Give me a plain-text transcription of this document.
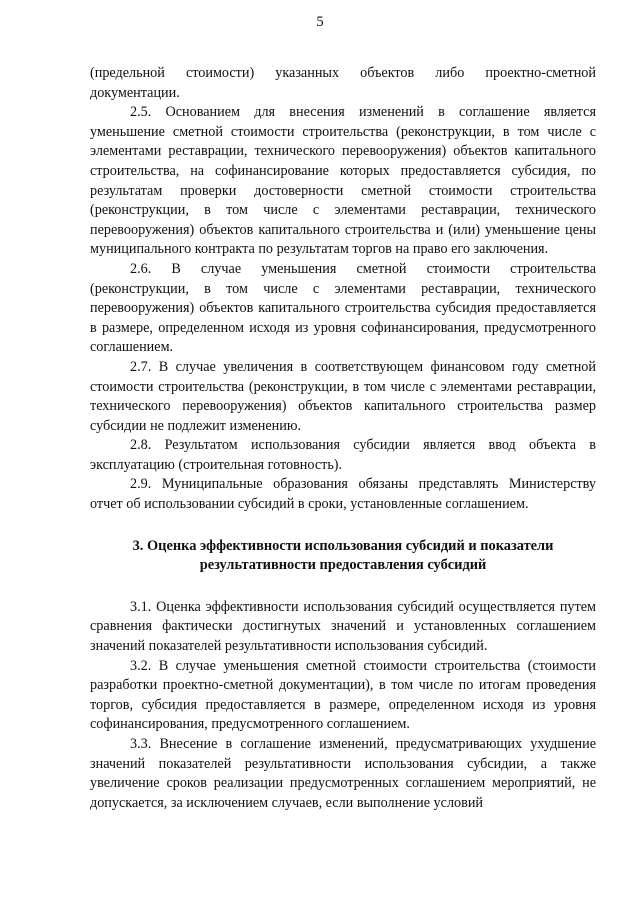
5

(предельной стоимости) указанных объектов либо проектно-сметной документации.

2.5. Основанием для внесения изменений в соглашение является уменьшение сметной стоимости строительства (реконструкции, в том числе с элементами реставрации, технического перевооружения) объектов капитального строительства, на софинансирование которых предоставляется субсидия, по результатам проверки достоверности сметной стоимости строительства (реконструкции, в том числе с элементами реставрации, технического перевооружения) объектов капитального строительства и (или) уменьшение цены муниципального контракта по результатам торгов на право его заключения.

2.6. В случае уменьшения сметной стоимости строительства (реконструкции, в том числе с элементами реставрации, технического перевооружения) объектов капитального строительства субсидия предоставляется в размере, определенном исходя из уровня софинансирования, предусмотренного соглашением.

2.7. В случае увеличения в соответствующем финансовом году сметной стоимости строительства (реконструкции, в том числе с элементами реставрации, технического перевооружения) объектов капитального строительства размер субсидии не подлежит изменению.

2.8. Результатом использования субсидии является ввод объекта в эксплуатацию (строительная готовность).

2.9. Муниципальные образования обязаны представлять Министерству отчет об использовании субсидий в сроки, установленные соглашением.

3. Оценка эффективности использования субсидий и показатели
результативности предоставления субсидий

3.1. Оценка эффективности использования субсидий осуществляется путем сравнения фактически достигнутых значений и установленных соглашением значений показателей результативности использования субсидий.

3.2. В случае уменьшения сметной стоимости строительства (стоимости разработки проектно-сметной документации), в том числе по итогам проведения торгов, субсидия предоставляется в размере, определенном исходя из уровня софинансирования, предусмотренного соглашением.

3.3. Внесение в соглашение изменений, предусматривающих ухудшение значений показателей результативности использования субсидии, а также увеличение сроков реализации предусмотренных соглашением мероприятий, не допускается, за исключением случаев, если выполнение условий
